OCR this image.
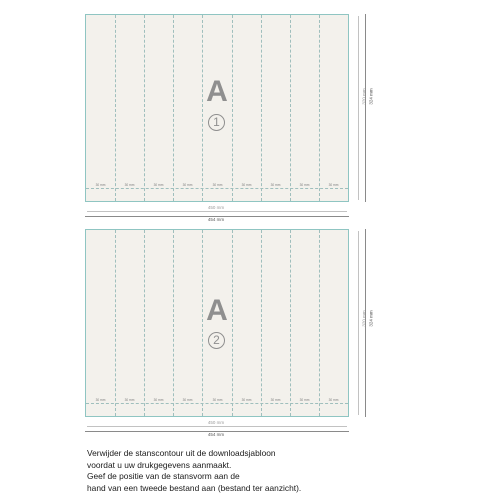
30 mm	30 mm	30 mm	30 mm	30 mm	30 mm	30 mm	30 mm	30 mm
A
1
450 mm
454 mm
320 mm 324 mm
30 mm	30 mm	30 mm	30 mm	30 mm	30 mm	30 mm	30 mm	30 mm
A
2
450 mm
454 mm
320 mm 324 mm
Verwijder de stanscontour uit de downloadsjabloon
voordat u uw drukgegevens aanmaakt.
Geef de positie van de stansvorm aan de
hand van een tweede bestand aan (bestand ter aanzicht).
